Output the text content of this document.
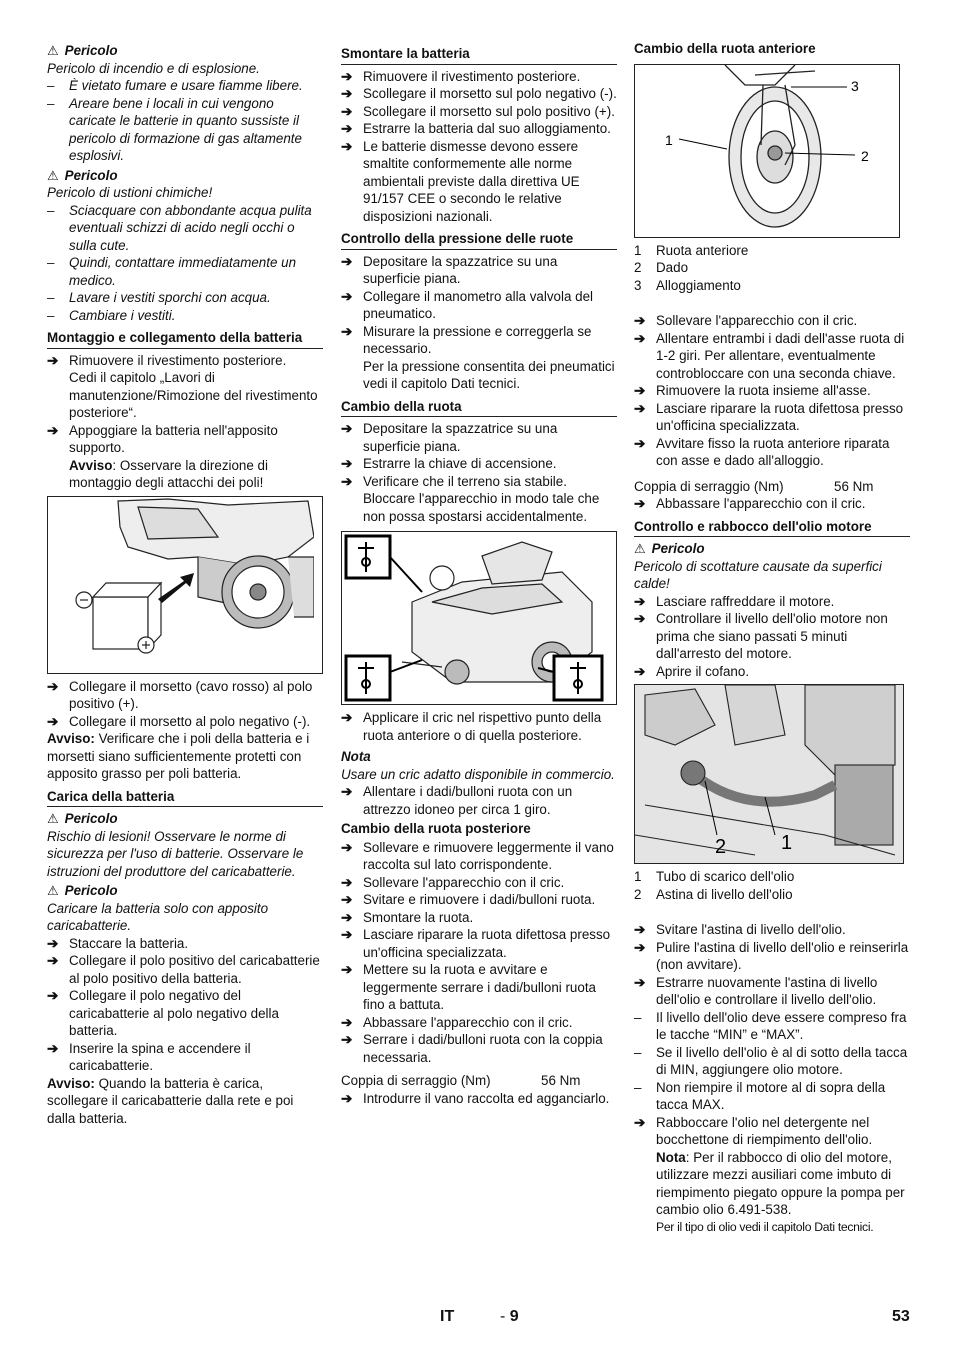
⚠ Pericolo
Pericolo di incendio e di esplosione.
–	È vietato fumare e usare fiamme libere.
–	Areare bene i locali in cui vengono caricate le batterie in quanto sussiste il pericolo di formazione di gas altamente esplosivi.
⚠ Pericolo
Pericolo di ustioni chimiche!
–	Sciacquare con abbondante acqua pulita eventuali schizzi di acido negli occhi o sulla cute.
–	Quindi, contattare immediatamente un medico.
–	Lavare i vestiti sporchi con acqua.
–	Cambiare i vestiti.
Montaggio e collegamento della batteria
➔ Rimuovere il rivestimento posteriore.
Cedi il capitolo „Lavori di manutenzione/Rimozione del rivestimento posteriore“.
➔ Appoggiare la batteria nell'apposito supporto.
Avviso: Osservare la direzione di montaggio degli attacchi dei poli!
➔ Collegare il morsetto (cavo rosso) al polo positivo (+).
➔ Collegare il morsetto al polo negativo (-).
Avviso: Verificare che i poli della batteria e i morsetti siano sufficientemente protetti con apposito grasso per poli batteria.
Carica della batteria
⚠ Pericolo
Rischio di lesioni! Osservare le norme di sicurezza per l'uso di batterie. Osservare le istruzioni del produttore del caricabatterie.
⚠ Pericolo
Caricare la batteria solo con apposito caricabatterie.
➔ Staccare la batteria.
➔ Collegare il polo positivo del caricabatterie al polo positivo della batteria.
➔ Collegare il polo negativo del caricabatterie al polo negativo della batteria.
➔ Inserire la spina e accendere il caricabatterie.
Avviso: Quando la batteria è carica, scollegare il caricabatterie dalla rete e poi dalla batteria.
Smontare la batteria
➔ Rimuovere il rivestimento posteriore.
➔ Scollegare il morsetto sul polo negativo (-).
➔ Scollegare il morsetto sul polo positivo (+).
➔ Estrarre la batteria dal suo alloggiamento.
➔ Le batterie dismesse devono essere smaltite conformemente alle norme ambientali previste dalla direttiva UE 91/157 CEE o secondo le relative disposizioni nazionali.
Controllo della pressione delle ruote
➔ Depositare la spazzatrice su una superficie piana.
➔ Collegare il manometro alla valvola del pneumatico.
➔ Misurare la pressione e correggerla se necessario.
Per la pressione consentita dei pneumatici vedi il capitolo Dati tecnici.
Cambio della ruota
➔ Depositare la spazzatrice su una superficie piana.
➔ Estrarre la chiave di accensione.
➔ Verificare che il terreno sia stabile. Bloccare l'apparecchio in modo tale che non possa spostarsi accidentalmente.
➔ Applicare il cric nel rispettivo punto della ruota anteriore o di quella posteriore.
Nota
Usare un cric adatto disponibile in commercio.
➔ Allentare i dadi/bulloni ruota con un attrezzo idoneo per circa 1 giro.
Cambio della ruota posteriore
➔ Sollevare e rimuovere leggermente il vano raccolta sul lato corrispondente.
➔ Sollevare l'apparecchio con il cric.
➔ Svitare e rimuovere i dadi/bulloni ruota.
➔ Smontare la ruota.
➔ Lasciare riparare la ruota difettosa presso un'officina specializzata.
➔ Mettere su la ruota e avvitare e leggermente serrare i dadi/bulloni ruota fino a battuta.
➔ Abbassare l'apparecchio con il cric.
➔ Serrare i dadi/bulloni ruota con la coppia necessaria.
Coppia di serraggio (Nm)	56 Nm
➔ Introdurre il vano raccolta ed agganciarlo.
Cambio della ruota anteriore
1
2
3
1	Ruota anteriore
2	Dado
3	Alloggiamento
➔ Sollevare l'apparecchio con il cric.
➔ Allentare entrambi i dadi dell'asse ruota di 1-2 giri. Per allentare, eventualmente controbloccare con una seconda chiave.
➔ Rimuovere la ruota insieme all'asse.
➔ Lasciare riparare la ruota difettosa presso un'officina specializzata.
➔ Avvitare fisso la ruota anteriore riparata con asse e dado all'alloggio.
Coppia di serraggio (Nm)	56 Nm
➔ Abbassare l'apparecchio con il cric.
Controllo e rabbocco dell'olio motore
⚠ Pericolo
Pericolo di scottature causate da superfici calde!
➔ Lasciare raffreddare il motore.
➔ Controllare il livello dell'olio motore non prima che siano passati 5 minuti dall'arresto del motore.
➔ Aprire il cofano.
2	1
1	Tubo di scarico dell'olio
2	Astina di livello dell'olio
➔ Svitare l'astina di livello dell'olio.
➔ Pulire l'astina di livello dell'olio e reinserirla (non avvitare).
➔ Estrarre nuovamente l'astina di livello dell'olio e controllare il livello dell'olio.
–	Il livello dell'olio deve essere compreso fra le tacche “MIN” e “MAX”.
–	Se il livello dell'olio è al di sotto della tacca di MIN, aggiungere olio motore.
–	Non riempire il motore al di sopra della tacca MAX.
➔ Rabboccare l'olio nel detergente nel bocchettone di riempimento dell'olio.
Nota: Per il rabbocco di olio del motore, utilizzare mezzi ausiliari come imbuto di riempimento piegato oppure la pompa per cambio olio 6.491-538.
Per il tipo di olio vedi il capitolo Dati tecnici.
IT	- 9	53
